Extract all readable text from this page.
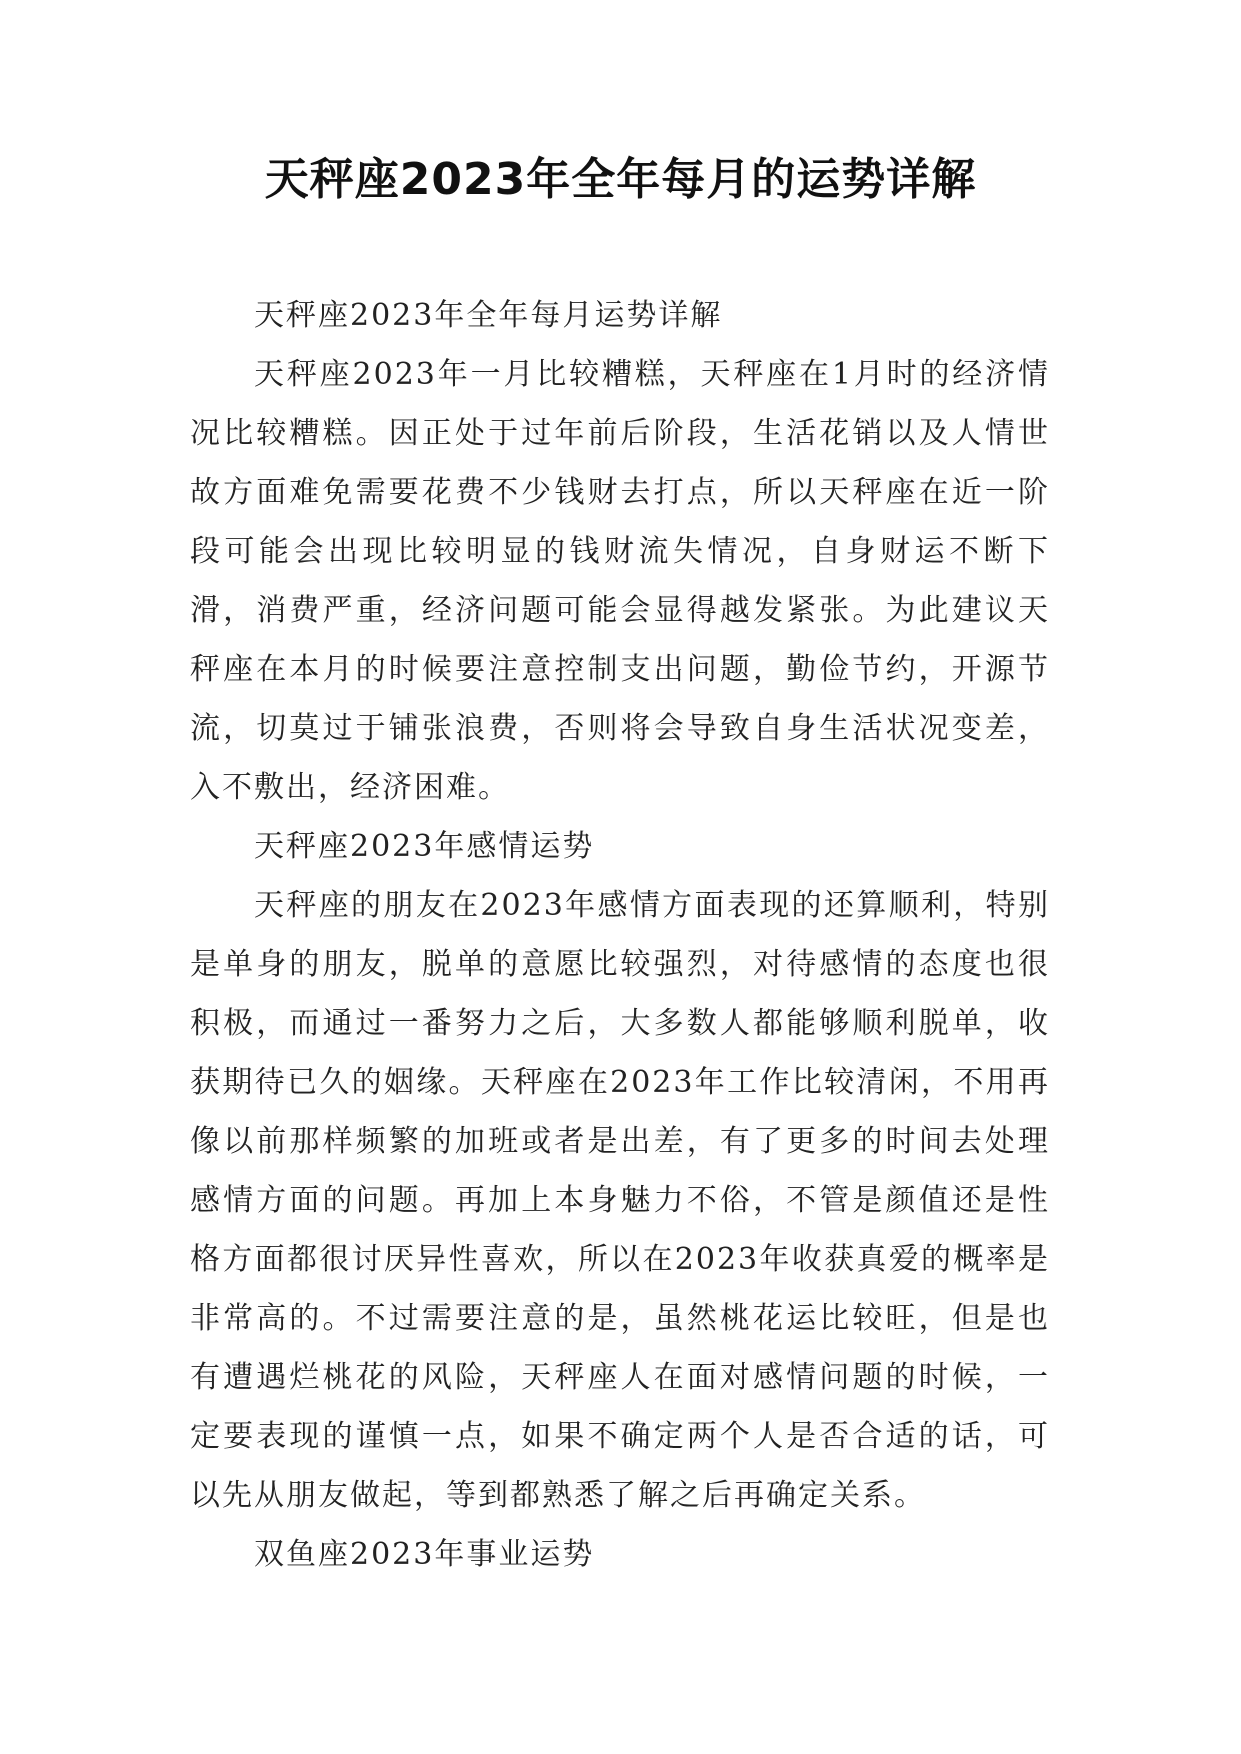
天秤座2023年全年每月的运势详解

天秤座2023年全年每月运势详解

天秤座2023年一月比较糟糕，天秤座在1月时的经济情况比较糟糕。因正处于过年前后阶段，生活花销以及人情世故方面难免需要花费不少钱财去打点，所以天秤座在近一阶段可能会出现比较明显的钱财流失情况，自身财运不断下滑，消费严重，经济问题可能会显得越发紧张。为此建议天秤座在本月的时候要注意控制支出问题，勤俭节约，开源节流，切莫过于铺张浪费，否则将会导致自身生活状况变差，入不敷出，经济困难。

天秤座2023年感情运势

天秤座的朋友在2023年感情方面表现的还算顺利，特别是单身的朋友，脱单的意愿比较强烈，对待感情的态度也很积极，而通过一番努力之后，大多数人都能够顺利脱单，收获期待已久的姻缘。天秤座在2023年工作比较清闲，不用再像以前那样频繁的加班或者是出差，有了更多的时间去处理感情方面的问题。再加上本身魅力不俗，不管是颜值还是性格方面都很讨厌异性喜欢，所以在2023年收获真爱的概率是非常高的。不过需要注意的是，虽然桃花运比较旺，但是也有遭遇烂桃花的风险，天秤座人在面对感情问题的时候，一定要表现的谨慎一点，如果不确定两个人是否合适的话，可以先从朋友做起，等到都熟悉了解之后再确定关系。

双鱼座2023年事业运势
